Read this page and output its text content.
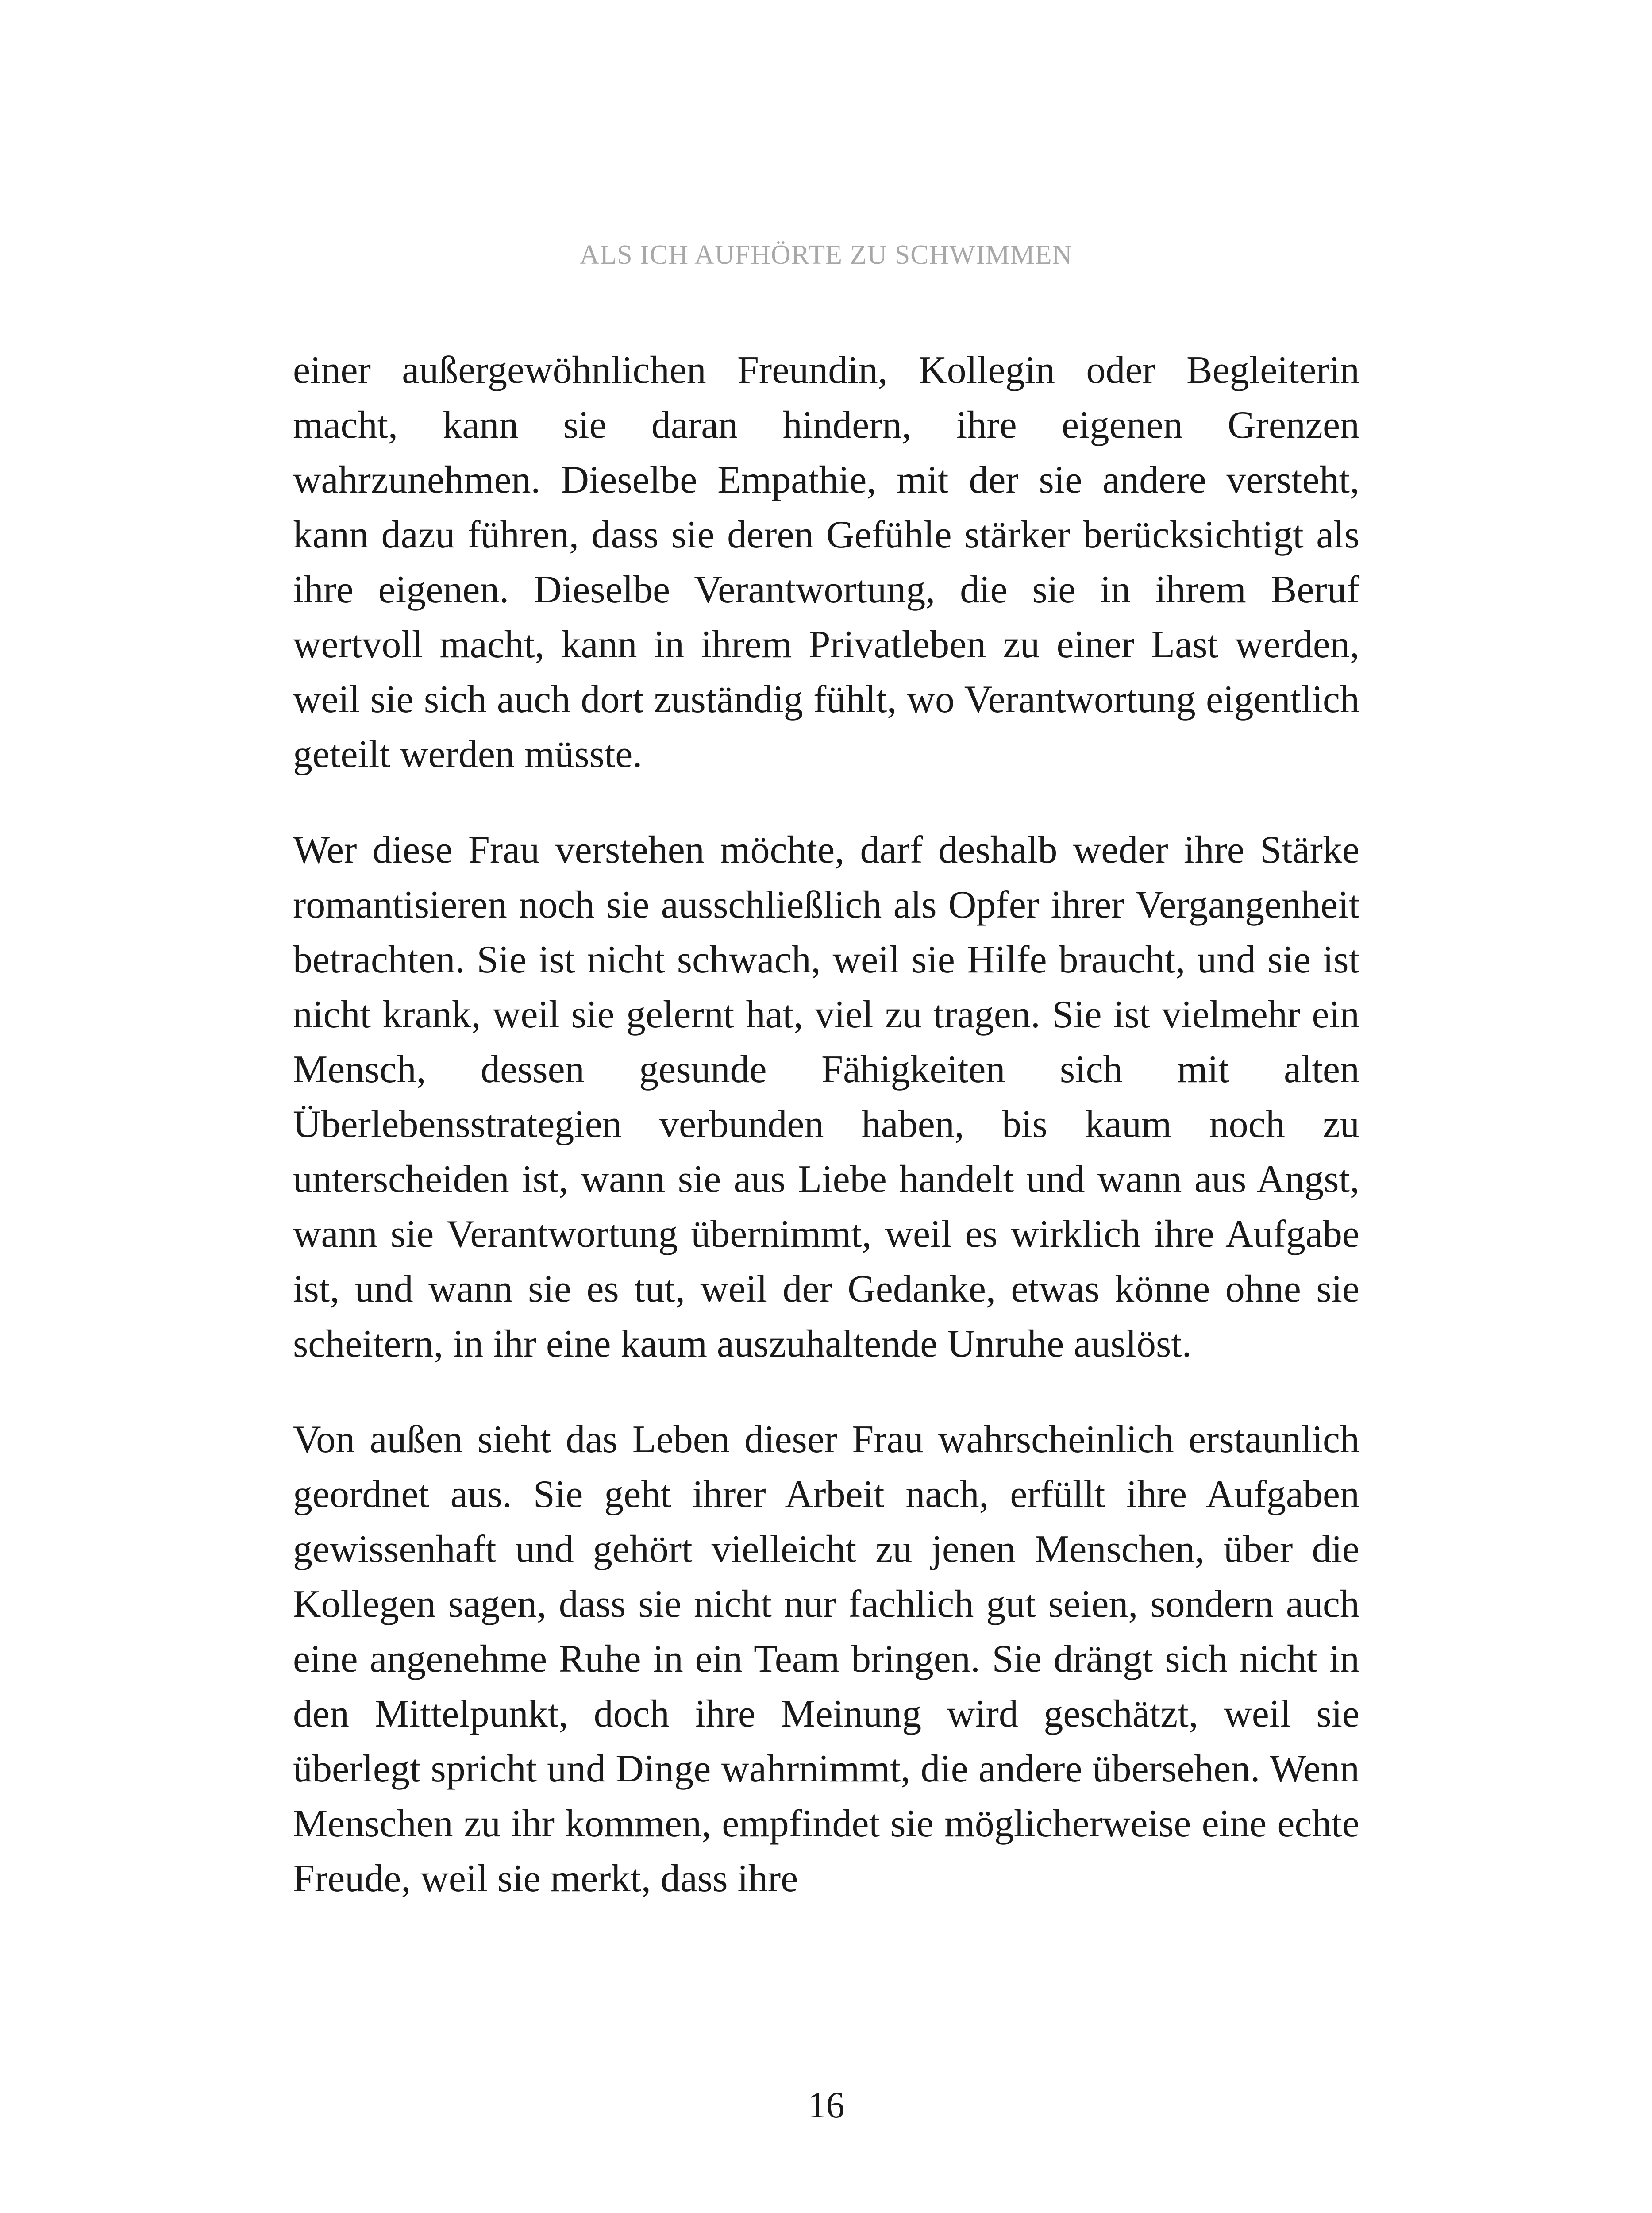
ALS ICH AUFHÖRTE ZU SCHWIMMEN

einer außergewöhnlichen Freundin, Kollegin oder Begleiterin macht, kann sie daran hindern, ihre eigenen Grenzen wahrzunehmen. Dieselbe Empathie, mit der sie andere versteht, kann dazu führen, dass sie deren Gefühle stärker berücksichtigt als ihre eigenen. Dieselbe Verantwortung, die sie in ihrem Beruf wertvoll macht, kann in ihrem Privatleben zu einer Last werden, weil sie sich auch dort zuständig fühlt, wo Verantwortung eigentlich geteilt werden müsste.

Wer diese Frau verstehen möchte, darf deshalb weder ihre Stärke romantisieren noch sie ausschließlich als Opfer ihrer Vergangenheit betrachten. Sie ist nicht schwach, weil sie Hilfe braucht, und sie ist nicht krank, weil sie gelernt hat, viel zu tragen. Sie ist vielmehr ein Mensch, dessen gesunde Fähigkeiten sich mit alten Überlebensstrategien verbunden haben, bis kaum noch zu unterscheiden ist, wann sie aus Liebe handelt und wann aus Angst, wann sie Verantwortung übernimmt, weil es wirklich ihre Aufgabe ist, und wann sie es tut, weil der Gedanke, etwas könne ohne sie scheitern, in ihr eine kaum auszuhaltende Unruhe auslöst.

Von außen sieht das Leben dieser Frau wahrscheinlich erstaunlich geordnet aus. Sie geht ihrer Arbeit nach, erfüllt ihre Aufgaben gewissenhaft und gehört vielleicht zu jenen Menschen, über die Kollegen sagen, dass sie nicht nur fachlich gut seien, sondern auch eine angenehme Ruhe in ein Team bringen. Sie drängt sich nicht in den Mittelpunkt, doch ihre Meinung wird geschätzt, weil sie überlegt spricht und Dinge wahrnimmt, die andere übersehen. Wenn Menschen zu ihr kommen, empfindet sie möglicherweise eine echte Freude, weil sie merkt, dass ihre

16
